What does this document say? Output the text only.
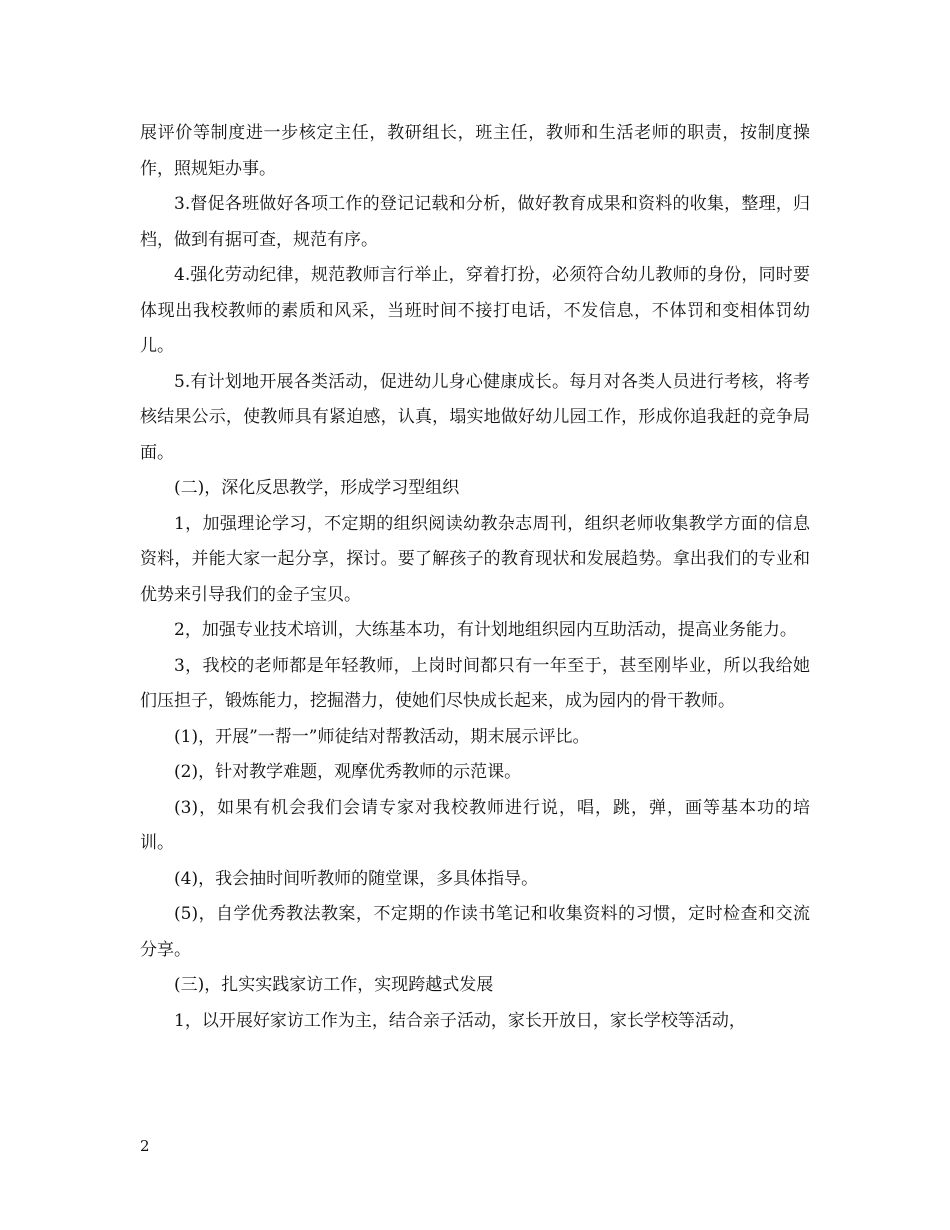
展评价等制度进一步核定主任，教研组长，班主任，教师和生活老师的职责，按制度操作，照规矩办事。

3.督促各班做好各项工作的登记记载和分析，做好教育成果和资料的收集，整理，归档，做到有据可查，规范有序。

4.强化劳动纪律，规范教师言行举止，穿着打扮，必须符合幼儿教师的身份，同时要体现出我校教师的素质和风采，当班时间不接打电话，不发信息，不体罚和变相体罚幼儿。

5.有计划地开展各类活动，促进幼儿身心健康成长。每月对各类人员进行考核，将考核结果公示，使教师具有紧迫感，认真，塌实地做好幼儿园工作，形成你追我赶的竞争局面。

(二)，深化反思教学，形成学习型组织

1，加强理论学习，不定期的组织阅读幼教杂志周刊，组织老师收集教学方面的信息资料，并能大家一起分享，探讨。要了解孩子的教育现状和发展趋势。拿出我们的专业和优势来引导我们的金子宝贝。

2，加强专业技术培训，大练基本功，有计划地组织园内互助活动，提高业务能力。

3，我校的老师都是年轻教师，上岗时间都只有一年至于，甚至刚毕业，所以我给她们压担子，锻炼能力，挖掘潜力，使她们尽快成长起来，成为园内的骨干教师。

(1)，开展”一帮一”师徒结对帮教活动，期末展示评比。

(2)，针对教学难题，观摩优秀教师的示范课。

(3)，如果有机会我们会请专家对我校教师进行说，唱，跳，弹，画等基本功的培训。

(4)，我会抽时间听教师的随堂课，多具体指导。

(5)，自学优秀教法教案，不定期的作读书笔记和收集资料的习惯，定时检查和交流分享。

(三)，扎实实践家访工作，实现跨越式发展

1，以开展好家访工作为主，结合亲子活动，家长开放日，家长学校等活动，

2
